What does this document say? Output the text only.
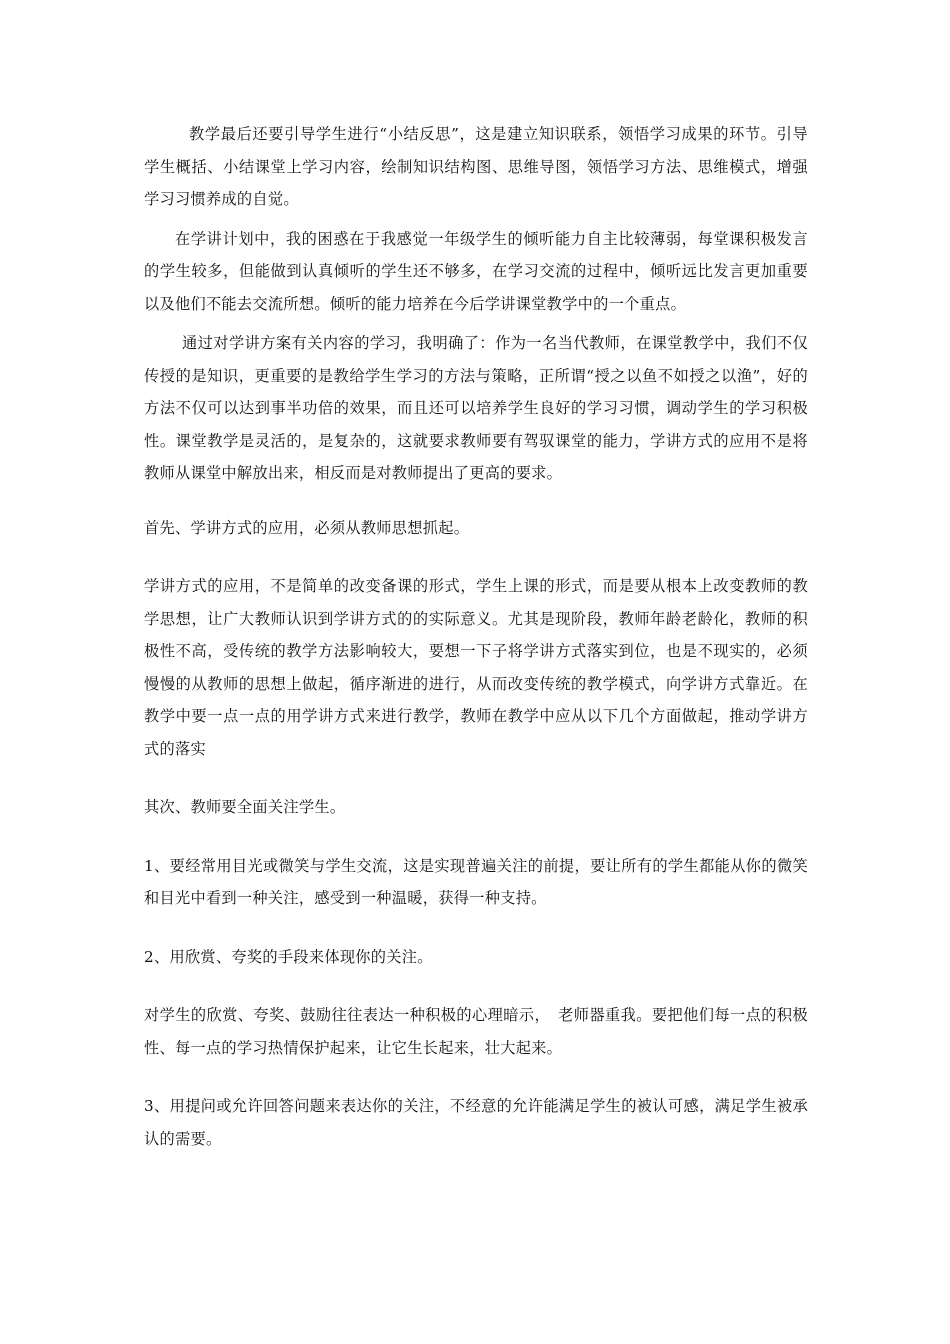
教学最后还要引导学生进行“小结反思”，这是建立知识联系，领悟学习成果的环节。引导学生概括、小结课堂上学习内容，绘制知识结构图、思维导图，领悟学习方法、思维模式，增强学习习惯养成的自觉。

在学讲计划中，我的困惑在于我感觉一年级学生的倾听能力自主比较薄弱，每堂课积极发言的学生较多，但能做到认真倾听的学生还不够多，在学习交流的过程中，倾听远比发言更加重要以及他们不能去交流所想。倾听的能力培养在今后学讲课堂教学中的一个重点。

通过对学讲方案有关内容的学习，我明确了：作为一名当代教师，在课堂教学中，我们不仅传授的是知识，更重要的是教给学生学习的方法与策略，正所谓“授之以鱼不如授之以渔”，好的方法不仅可以达到事半功倍的效果，而且还可以培养学生良好的学习习惯，调动学生的学习积极性。课堂教学是灵活的，是复杂的，这就要求教师要有驾驭课堂的能力，学讲方式的应用不是将教师从课堂中解放出来，相反而是对教师提出了更高的要求。

首先、学讲方式的应用，必须从教师思想抓起。

学讲方式的应用，不是简单的改变备课的形式，学生上课的形式，而是要从根本上改变教师的教学思想，让广大教师认识到学讲方式的的实际意义。尤其是现阶段，教师年龄老龄化，教师的积极性不高，受传统的教学方法影响较大，要想一下子将学讲方式落实到位，也是不现实的，必须慢慢的从教师的思想上做起，循序渐进的进行，从而改变传统的教学模式，向学讲方式靠近。在教学中要一点一点的用学讲方式来进行教学，教师在教学中应从以下几个方面做起，推动学讲方式的落实

其次、教师要全面关注学生。

1、要经常用目光或微笑与学生交流，这是实现普遍关注的前提，要让所有的学生都能从你的微笑和目光中看到一种关注，感受到一种温暖，获得一种支持。

2、用欣赏、夸奖的手段来体现你的关注。

对学生的欣赏、夸奖、鼓励往往表达一种积极的心理暗示，　老师器重我。要把他们每一点的积极性、每一点的学习热情保护起来，让它生长起来，壮大起来。

3、用提问或允许回答问题来表达你的关注，不经意的允许能满足学生的被认可感，满足学生被承认的需要。
